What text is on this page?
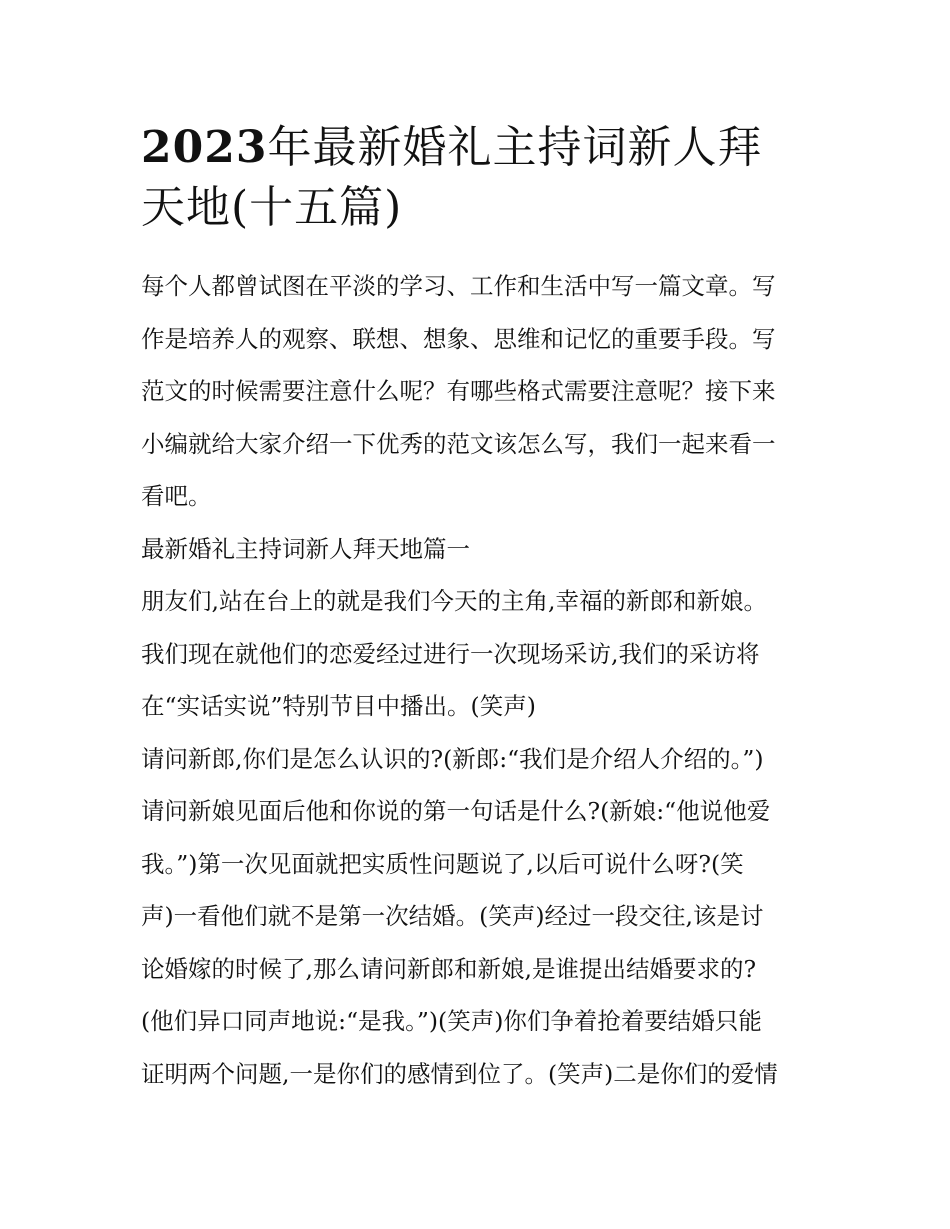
2023年最新婚礼主持词新人拜
天地(十五篇)
每个人都曾试图在平淡的学习、工作和生活中写一篇文章。写
作是培养人的观察、联想、想象、思维和记忆的重要手段。写
范文的时候需要注意什么呢？有哪些格式需要注意呢？接下来
小编就给大家介绍一下优秀的范文该怎么写，我们一起来看一
看吧。
最新婚礼主持词新人拜天地篇一
朋友们,站在台上的就是我们今天的主角,幸福的新郎和新娘。
我们现在就他们的恋爱经过进行一次现场采访,我们的采访将
在“实话实说”特别节目中播出。(笑声)
请问新郎,你们是怎么认识的?(新郎:“我们是介绍人介绍的。”)
请问新娘见面后他和你说的第一句话是什么?(新娘:“他说他爱
我。”)第一次见面就把实质性问题说了,以后可说什么呀?(笑
声)一看他们就不是第一次结婚。(笑声)经过一段交往,该是讨
论婚嫁的时候了,那么请问新郎和新娘,是谁提出结婚要求的?
(他们异口同声地说:“是我。”)(笑声)你们争着抢着要结婚只能
证明两个问题,一是你们的感情到位了。(笑声)二是你们的爱情
